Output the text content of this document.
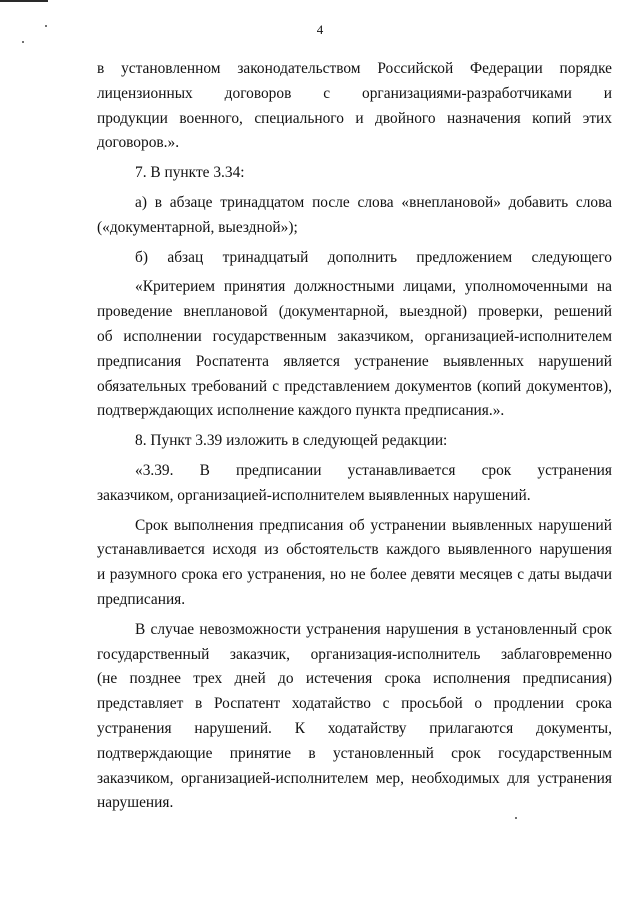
4
в установленном законодательством Российской Федерации порядке
лицензионных договоров с организациями-разработчиками и
продукции военного, специального и двойного назначения копий этих
договоров.».
7. В пункте 3.34:
а) в абзаце тринадцатом после слова «внеплановой» добавить слова
(«документарной, выездной»);
б) абзац тринадцатый дополнить предложением следующего
«Критерием принятия должностными лицами, уполномоченными на
проведение внеплановой (документарной, выездной) проверки, решений
об исполнении государственным заказчиком, организацией-исполнителем
предписания Роспатента является устранение выявленных нарушений
обязательных требований с представлением документов (копий документов),
подтверждающих исполнение каждого пункта предписания.».
8. Пункт 3.39 изложить в следующей редакции:
«3.39. В предписании устанавливается срок устранения
заказчиком, организацией-исполнителем выявленных нарушений.
Срок выполнения предписания об устранении выявленных нарушений
устанавливается исходя из обстоятельств каждого выявленного нарушения
и разумного срока его устранения, но не более девяти месяцев с даты выдачи
предписания.
В случае невозможности устранения нарушения в установленный срок
государственный заказчик, организация-исполнитель заблаговременно
(не позднее трех дней до истечения срока исполнения предписания)
представляет в Роспатент ходатайство с просьбой о продлении срока
устранения нарушений. К ходатайству прилагаются документы,
подтверждающие принятие в установленный срок государственным
заказчиком, организацией-исполнителем мер, необходимых для устранения
нарушения.
